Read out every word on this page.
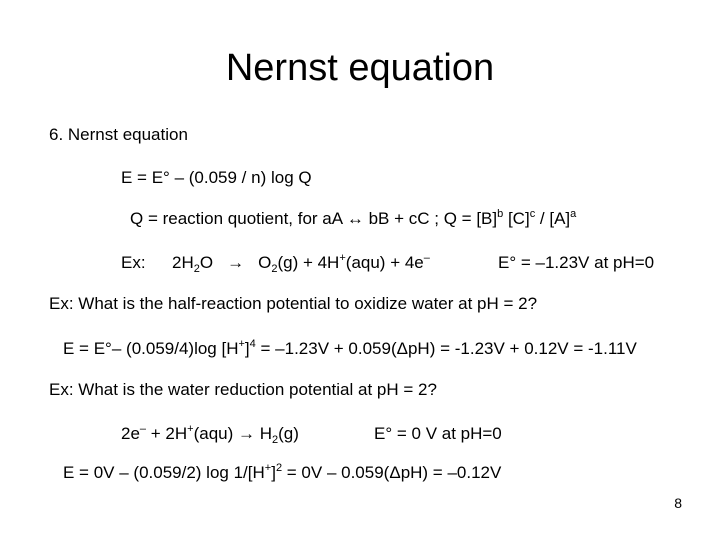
Nernst equation
6. Nernst equation
E = E° – (0.059 / n) log Q
Q = reaction quotient, for aA ↔ bB + cC ; $Q = [B]^b$ $[C]^c / [A]^a$
Ex: $2H_2O \to O_2(g) + 4H^+(aqu) + 4e^-$	E° = –1.23V at pH=0
Ex: What is the half-reaction potential to oxidize water at pH = 2?
E = E°– (0.059/4)log $[H^+]^4 = -1.23V + 0.059(\Delta pH) = -1.23V + 0.12V = -1.11V$
Ex: What is the water reduction potential at pH = 2?
$2e^- + 2H^+(aqu) \to H_2(g)$	E° = 0 V at pH=0
E = 0V – (0.059/2) $\log 1/[H^+]^2 = 0V - 0.059(\Delta pH) = -0.12V$
8
